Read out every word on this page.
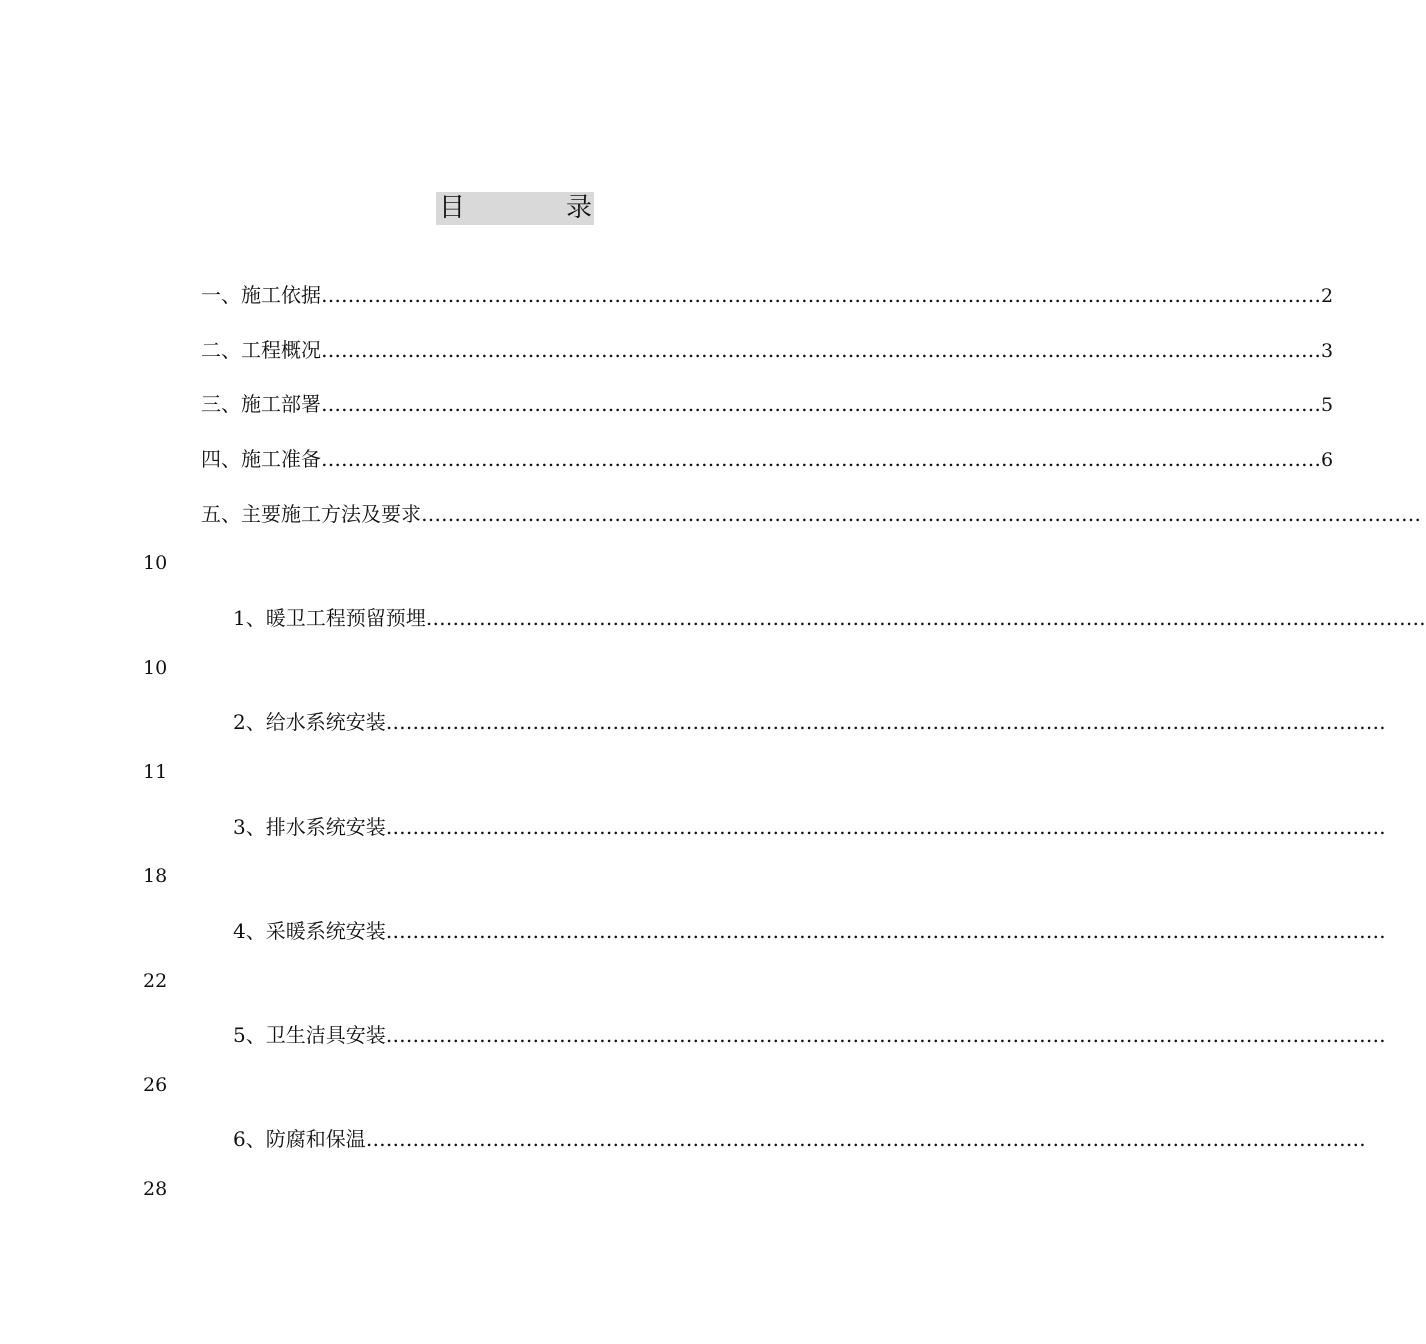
目	录
一、施工依据 …………………………………………………………………………………………………………………………………… 2
二、工程概况 …………………………………………………………………………………………………………………………………… 3
三、施工部署 …………………………………………………………………………………………………………………………………… 5
四、施工准备 …………………………………………………………………………………………………………………………………… 6
五、主要施工方法及要求 ……………………………………………………………………………………………………………………………………
10
1、暖卫工程预留预埋 ……………………………………………………………………………………………………………………………………
10
2、给水系统安装 ……………………………………………………………………………………………………………………………………
11
3、排水系统安装 ……………………………………………………………………………………………………………………………………
18
4、采暖系统安装 ……………………………………………………………………………………………………………………………………
22
5、卫生洁具安装 ……………………………………………………………………………………………………………………………………
26
6、防腐和保温 ……………………………………………………………………………………………………………………………………
28
